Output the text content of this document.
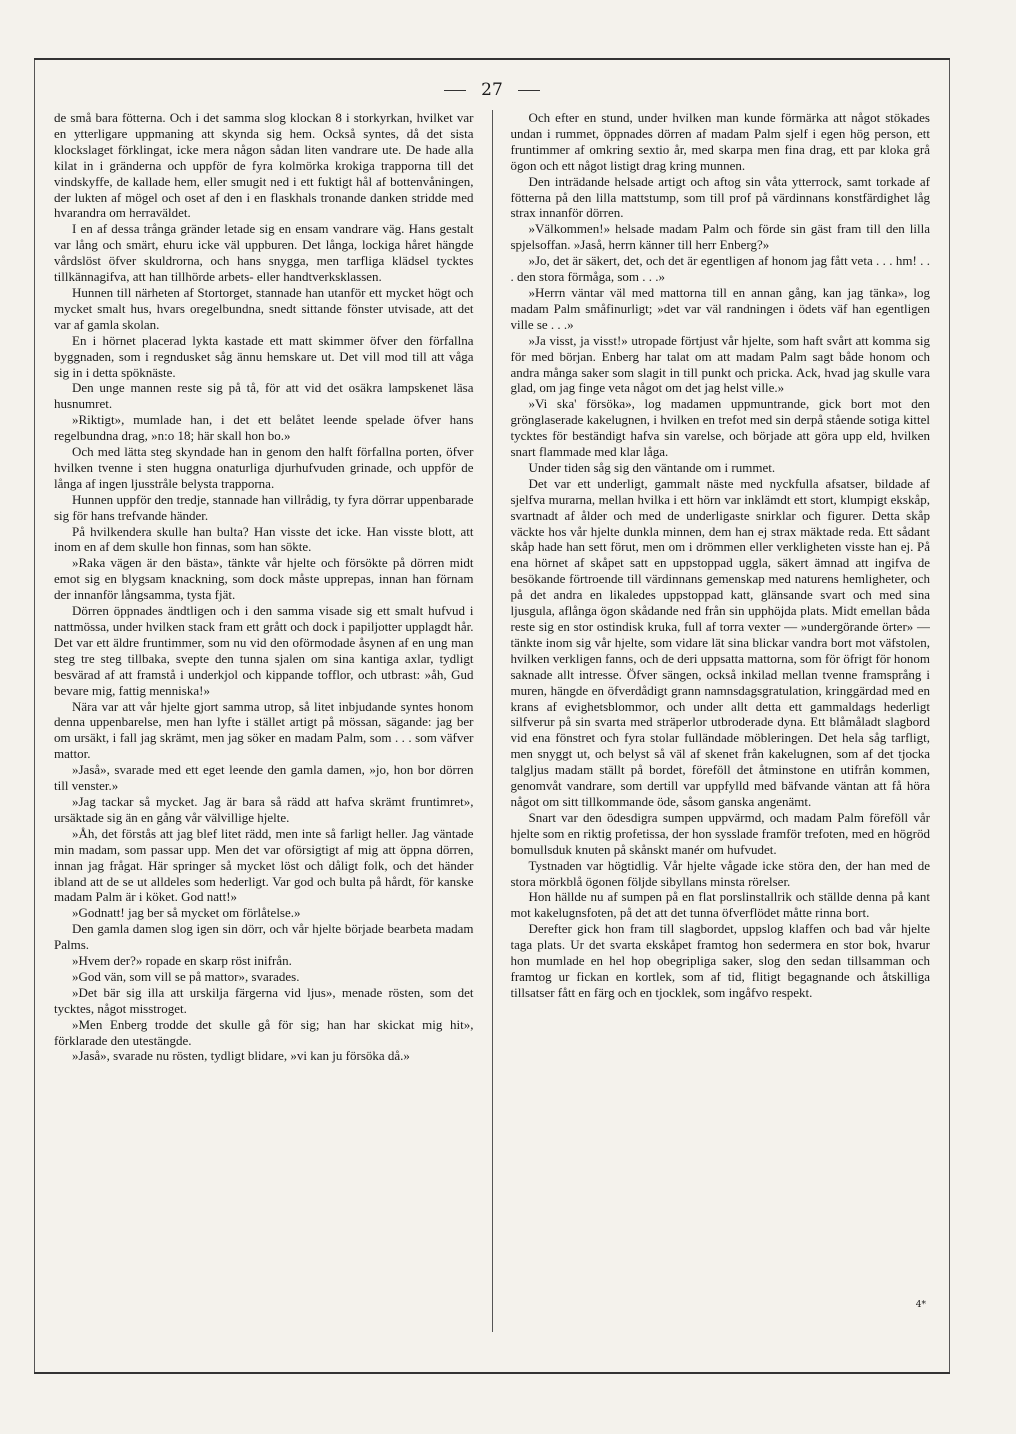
27

de små bara fötterna. Och i det samma slog klockan 8 i storkyrkan, hvilket var en ytterligare uppmaning att skynda sig hem. Också syntes, då det sista klockslaget förklingat, icke mera någon sådan liten vandrare ute. De hade alla kilat in i gränderna och uppför de fyra kolmörka krokiga trapporna till det vindskyffe, de kallade hem, eller smugit ned i ett fuktigt hål af bottenvåningen, der lukten af mögel och oset af den i en flaskhals tronande danken stridde med hvarandra om herraväldet.

I en af dessa trånga gränder letade sig en ensam vandrare väg. Hans gestalt var lång och smärt, ehuru icke väl uppburen. Det långa, lockiga håret hängde vårdslöst öfver skuldrorna, och hans snygga, men tarfliga klädsel tycktes tillkännagifva, att han tillhörde arbets- eller handtverksklassen.

Hunnen till närheten af Stortorget, stannade han utanför ett mycket högt och mycket smalt hus, hvars oregelbundna, snedt sittande fönster utvisade, att det var af gamla skolan.

En i hörnet placerad lykta kastade ett matt skimmer öfver den förfallna byggnaden, som i regndusket såg ännu hemskare ut. Det vill mod till att våga sig in i detta spöknäste.

Den unge mannen reste sig på tå, för att vid det osäkra lampskenet läsa husnumret.

»Riktigt», mumlade han, i det ett belåtet leende spelade öfver hans regelbundna drag, »n:o 18; här skall hon bo.»

Och med lätta steg skyndade han in genom den halft förfallna porten, öfver hvilken tvenne i sten huggna onaturliga djurhufvuden grinade, och uppför de långa af ingen ljusstråle belysta trapporna.

Hunnen uppför den tredje, stannade han villrådig, ty fyra dörrar uppenbarade sig för hans trefvande händer.

På hvilkendera skulle han bulta? Han visste det icke. Han visste blott, att inom en af dem skulle hon finnas, som han sökte.

»Raka vägen är den bästa», tänkte vår hjelte och försökte på dörren midt emot sig en blygsam knackning, som dock måste upprepas, innan han förnam der innanför långsamma, tysta fjät.

Dörren öppnades ändtligen och i den samma visade sig ett smalt hufvud i nattmössa, under hvilken stack fram ett grått och dock i papiljotter upplagdt hår. Det var ett äldre fruntimmer, som nu vid den oförmodade åsynen af en ung man steg tre steg tillbaka, svepte den tunna sjalen om sina kantiga axlar, tydligt besvärad af att framstå i underkjol och kippande tofflor, och utbrast: »åh, Gud bevare mig, fattig menniska!»

Nära var att vår hjelte gjort samma utrop, så litet inbjudande syntes honom denna uppenbarelse, men han lyfte i stället artigt på mössan, sägande: jag ber om ursäkt, i fall jag skrämt, men jag söker en madam Palm, som . . . som väfver mattor.

»Jaså», svarade med ett eget leende den gamla damen, »jo, hon bor dörren till venster.»

»Jag tackar så mycket. Jag är bara så rädd att hafva skrämt fruntimret», ursäktade sig än en gång vår välvillige hjelte.

»Åh, det förstås att jag blef litet rädd, men inte så farligt heller. Jag väntade min madam, som passar upp. Men det var oförsigtigt af mig att öppna dörren, innan jag frågat. Här springer så mycket löst och dåligt folk, och det händer ibland att de se ut alldeles som hederligt. Var god och bulta på hårdt, för kanske madam Palm är i köket. God natt!»

»Godnatt! jag ber så mycket om förlåtelse.»

Den gamla damen slog igen sin dörr, och vår hjelte började bearbeta madam Palms.

»Hvem der?» ropade en skarp röst inifrån.

»God vän, som vill se på mattor», svarades.

»Det bär sig illa att urskilja färgerna vid ljus», menade rösten, som det tycktes, något misstroget.

»Men Enberg trodde det skulle gå för sig; han har skickat mig hit», förklarade den utestängde.

»Jaså», svarade nu rösten, tydligt blidare, »vi kan ju försöka då.»

Och efter en stund, under hvilken man kunde förmärka att något stökades undan i rummet, öppnades dörren af madam Palm sjelf i egen hög person, ett fruntimmer af omkring sextio år, med skarpa men fina drag, ett par kloka grå ögon och ett något listigt drag kring munnen.

Den inträdande helsade artigt och aftog sin våta ytterrock, samt torkade af fötterna på den lilla mattstump, som till prof på värdinnans konstfärdighet låg strax innanför dörren.

»Välkommen!» helsade madam Palm och förde sin gäst fram till den lilla spjelsoffan. »Jaså, herrn känner till herr Enberg?»

»Jo, det är säkert, det, och det är egentligen af honom jag fått veta . . . hm! . . . den stora förmåga, som . . .»

»Herrn väntar väl med mattorna till en annan gång, kan jag tänka», log madam Palm småfinurligt; »det var väl randningen i ödets väf han egentligen ville se . . .»

»Ja visst, ja visst!» utropade förtjust vår hjelte, som haft svårt att komma sig för med början. Enberg har talat om att madam Palm sagt både honom och andra många saker som slagit in till punkt och pricka. Ack, hvad jag skulle vara glad, om jag finge veta något om det jag helst ville.»

»Vi ska' försöka», log madamen uppmuntrande, gick bort mot den grönglaserade kakelugnen, i hvilken en trefot med sin derpå stående sotiga kittel tycktes för beständigt hafva sin varelse, och började att göra upp eld, hvilken snart flammade med klar låga.

Under tiden såg sig den väntande om i rummet.

Det var ett underligt, gammalt näste med nyckfulla afsatser, bildade af sjelfva murarna, mellan hvilka i ett hörn var inklämdt ett stort, klumpigt ekskåp, svartnadt af ålder och med de underligaste snirklar och figurer. Detta skåp väckte hos vår hjelte dunkla minnen, dem han ej strax mäktade reda. Ett sådant skåp hade han sett förut, men om i drömmen eller verkligheten visste han ej. På ena hörnet af skåpet satt en uppstoppad uggla, säkert ämnad att ingifva de besökande förtroende till värdinnans gemenskap med naturens hemligheter, och på det andra en likaledes uppstoppad katt, glänsande svart och med sina ljusgula, aflånga ögon skådande ned från sin upphöjda plats. Midt emellan båda reste sig en stor ostindisk kruka, full af torra vexter — »undergörande örter» — tänkte inom sig vår hjelte, som vidare lät sina blickar vandra bort mot väfstolen, hvilken verkligen fanns, och de deri uppsatta mattorna, som för öfrigt för honom saknade allt intresse. Öfver sängen, också inkilad mellan tvenne framsprång i muren, hängde en öfverdådigt grann namnsdagsgratulation, kringgärdad med en krans af evighetsblommor, och under allt detta ett gammaldags hederligt silfverur på sin svarta med sträperlor utbroderade dyna. Ett blåmåladt slagbord vid ena fönstret och fyra stolar fulländade möbleringen. Det hela såg tarfligt, men snyggt ut, och belyst så väl af skenet från kakelugnen, som af det tjocka talgljus madam ställt på bordet, föreföll det åtminstone en utifrån kommen, genomvåt vandrare, som dertill var uppfylld med bäfvande väntan att få höra något om sitt tillkommande öde, såsom ganska angenämt.

Snart var den ödesdigra sumpen uppvärmd, och madam Palm föreföll vår hjelte som en riktig profetissa, der hon sysslade framför trefoten, med en högröd bomullsduk knuten på skånskt manér om hufvudet.

Tystnaden var högtidlig. Vår hjelte vågade icke störa den, der han med de stora mörkblå ögonen följde sibyllans minsta rörelser.

Hon hällde nu af sumpen på en flat porslinstallrik och ställde denna på kant mot kakelugnsfoten, på det att det tunna öfverflödet måtte rinna bort.

Derefter gick hon fram till slagbordet, uppslog klaffen och bad vår hjelte taga plats. Ur det svarta ekskåpet framtog hon sedermera en stor bok, hvarur hon mumlade en hel hop obegripliga saker, slog den sedan tillsamman och framtog ur fickan en kortlek, som af tid, flitigt begagnande och åtskilliga tillsatser fått en färg och en tjocklek, som ingåfvo respekt.

4*
